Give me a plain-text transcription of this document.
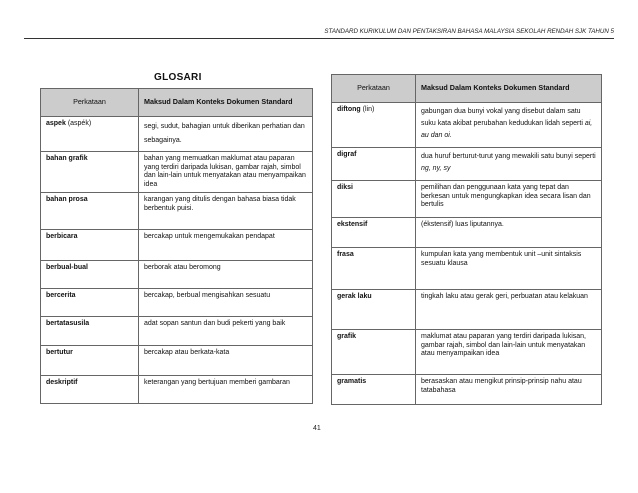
STANDARD KURIKULUM DAN PENTAKSIRAN BAHASA MALAYSIA SEKOLAH RENDAH SJK TAHUN 5
GLOSARI
Perkataan	Maksud Dalam Konteks Dokumen Standard
aspek (aspék)	segi, sudut, bahagian untuk diberikan perhatian dan sebagainya.
bahan grafik	bahan yang memuatkan maklumat atau paparan yang terdiri daripada lukisan, gambar rajah, simbol dan lain-lain untuk menyatakan atau menyampaikan idea
bahan prosa	karangan yang ditulis dengan bahasa biasa tidak berbentuk puisi.
berbicara	bercakap untuk mengemukakan pendapat
berbual-bual	berborak atau beromong
bercerita	bercakap, berbual mengisahkan sesuatu
bertatasusila	adat sopan santun dan budi pekerti yang baik
bertutur	bercakap atau berkata-kata
deskriptif	keterangan yang bertujuan memberi gambaran
Perkataan	Maksud Dalam Konteks Dokumen Standard
diftong (lin)	gabungan dua bunyi vokal yang disebut dalam satu suku kata akibat perubahan kedudukan lidah seperti ai, au dan oi.
digraf	dua huruf berturut-turut yang mewakili satu bunyi seperti ng, ny, sy
diksi	pemilihan dan penggunaan kata yang tepat dan berkesan untuk mengungkapkan idea secara lisan dan bertulis
ekstensif	(ékstensif) luas liputannya.
frasa	kumpulan kata yang membentuk unit –unit sintaksis sesuatu klausa
gerak laku	tingkah laku atau gerak geri, perbuatan atau kelakuan
grafik	maklumat atau paparan yang terdiri daripada lukisan, gambar rajah, simbol dan lain-lain untuk menyatakan atau menyampaikan idea
gramatis	berasaskan atau mengikut prinsip-prinsip nahu atau tatabahasa
41
